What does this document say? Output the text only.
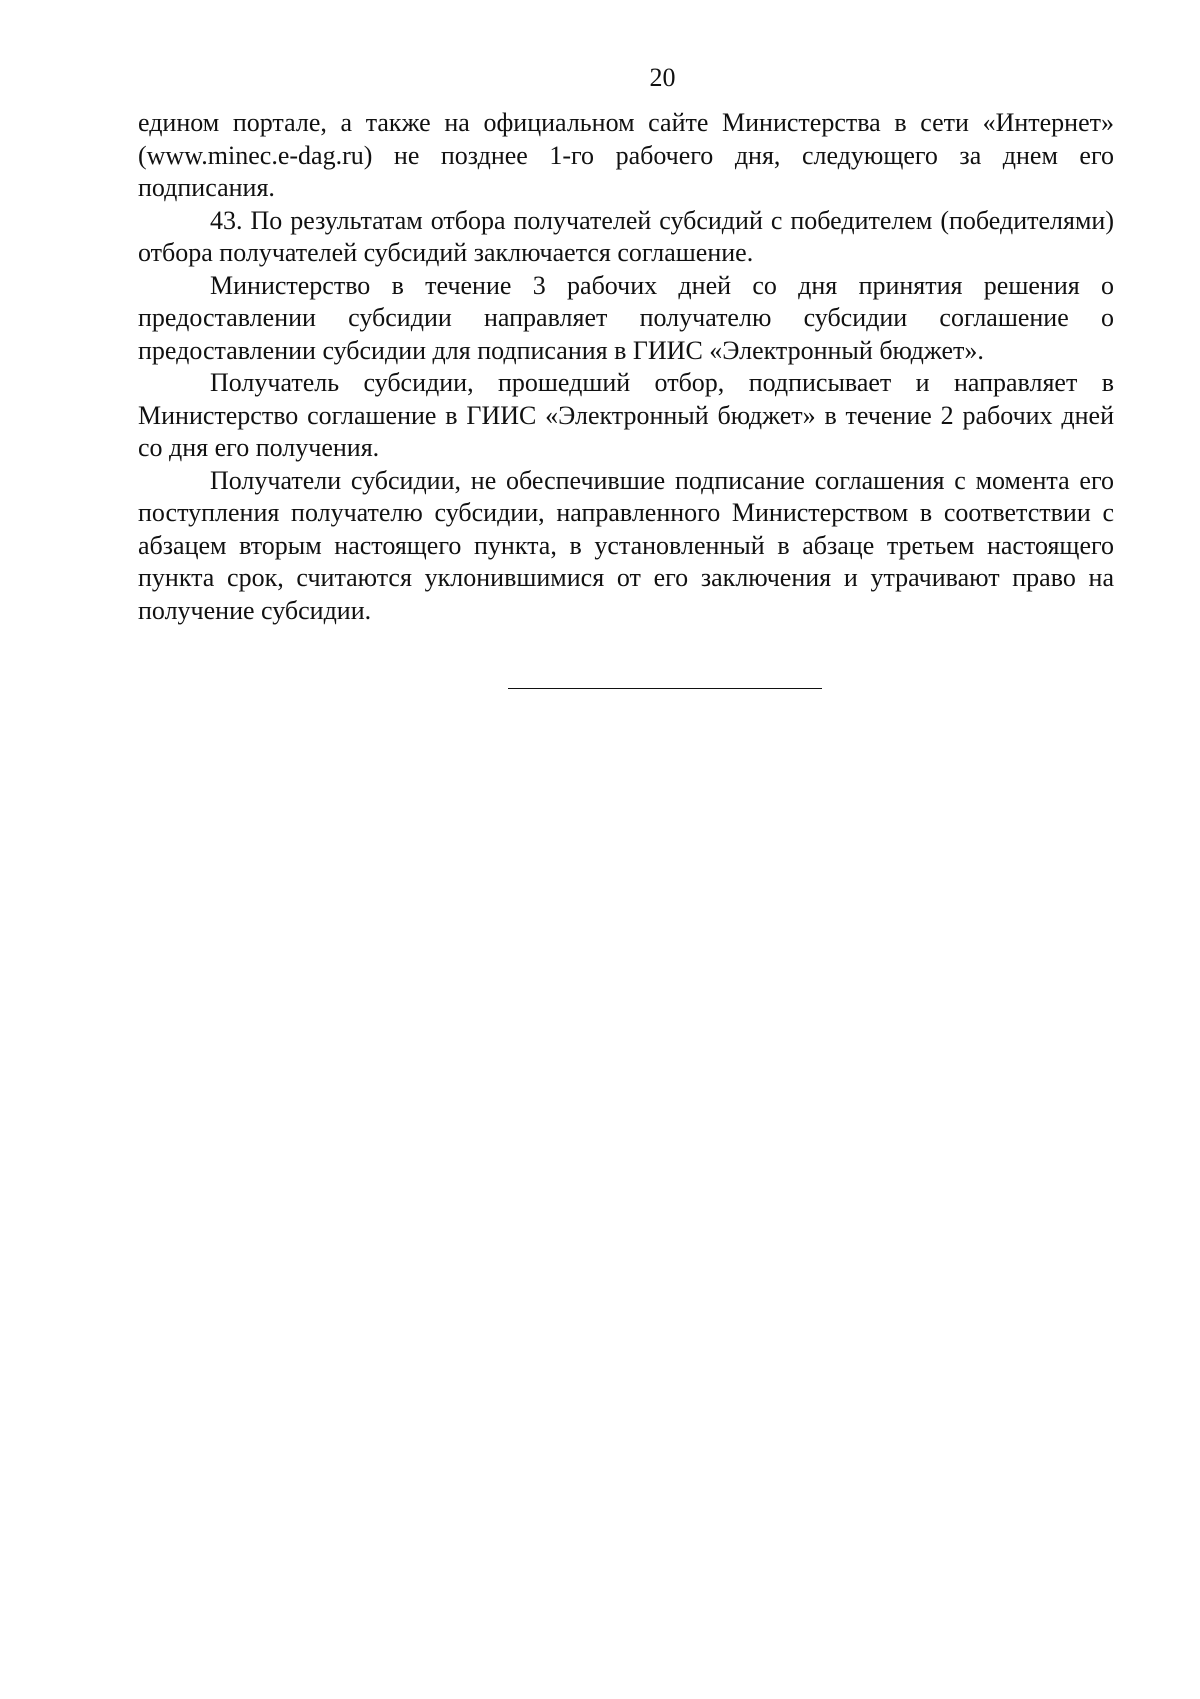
20

едином портале, а также на официальном сайте Министерства в сети «Интернет» (www.minec.e-dag.ru) не позднее 1-го рабочего дня, следующего за днем его подписания.

43. По результатам отбора получателей субсидий с победителем (победителями) отбора получателей субсидий заключается соглашение.

Министерство в течение 3 рабочих дней со дня принятия решения о предоставлении субсидии направляет получателю субсидии соглашение о предоставлении субсидии для подписания в ГИИС «Электронный бюджет».

Получатель субсидии, прошедший отбор, подписывает и направляет в Министерство соглашение в ГИИС «Электронный бюджет» в течение 2 рабочих дней со дня его получения.

Получатели субсидии, не обеспечившие подписание соглашения с момента его поступления получателю субсидии, направленного Министерством в соответствии с абзацем вторым настоящего пункта, в установленный в абзаце третьем настоящего пункта срок, считаются уклонившимися от его заключения и утрачивают право на получение субсидии.
